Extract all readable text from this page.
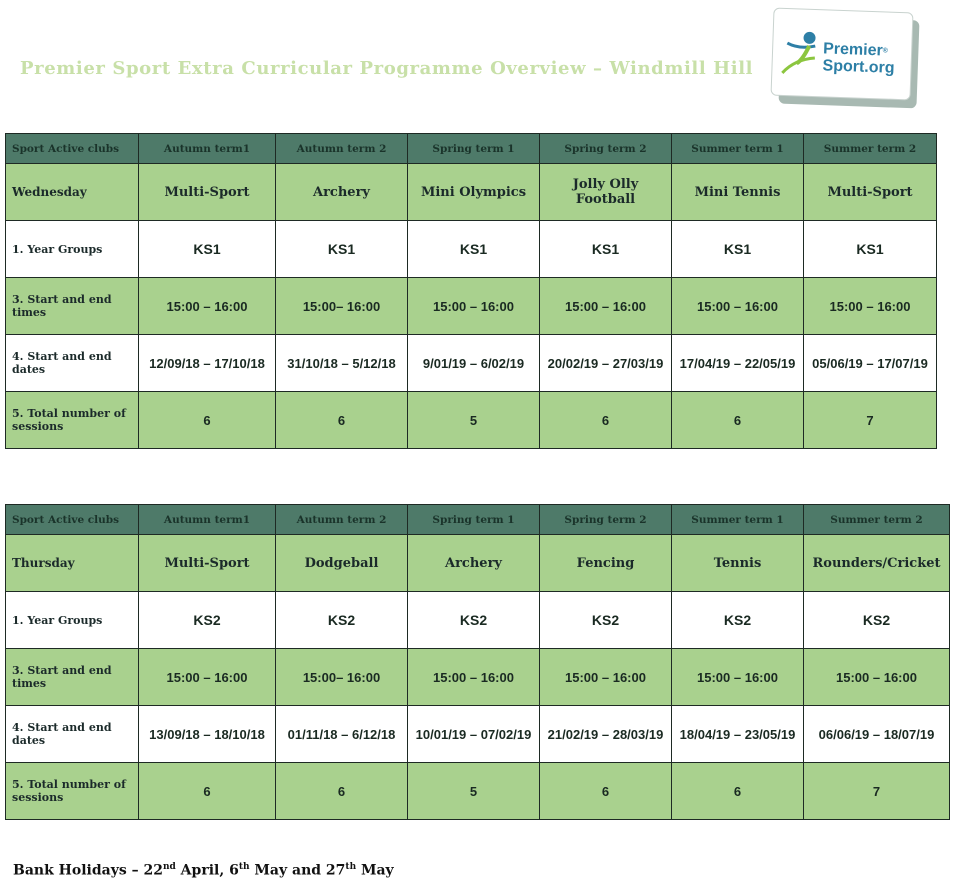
Premier Sport Extra Curricular Programme Overview – Windmill Hill
Premier®
Sport.org
Sport Active clubs	Autumn term1	Autumn term 2	Spring term 1	Spring term 2	Summer term 1	Summer term 2
Wednesday	Multi-Sport	Archery	Mini Olympics	Jolly Olly Football	Mini Tennis	Multi-Sport
1. Year Groups	KS1	KS1	KS1	KS1	KS1	KS1
3. Start and end times	15:00 – 16:00	15:00– 16:00	15:00 – 16:00	15:00 – 16:00	15:00 – 16:00	15:00 – 16:00
4. Start and end dates	12/09/18 – 17/10/18	31/10/18 – 5/12/18	9/01/19 – 6/02/19	20/02/19 – 27/03/19	17/04/19 – 22/05/19	05/06/19 – 17/07/19
5. Total number of sessions	6	6	5	6	6	7
Sport Active clubs	Autumn term1	Autumn term 2	Spring term 1	Spring term 2	Summer term 1	Summer term 2
Thursday	Multi-Sport	Dodgeball	Archery	Fencing	Tennis	Rounders/Cricket
1. Year Groups	KS2	KS2	KS2	KS2	KS2	KS2
3. Start and end times	15:00 – 16:00	15:00– 16:00	15:00 – 16:00	15:00 – 16:00	15:00 – 16:00	15:00 – 16:00
4. Start and end dates	13/09/18 – 18/10/18	01/11/18 – 6/12/18	10/01/19 – 07/02/19	21/02/19 – 28/03/19	18/04/19 – 23/05/19	06/06/19 – 18/07/19
5. Total number of sessions	6	6	5	6	6	7
Bank Holidays – 22nd April, 6th May and 27th May
